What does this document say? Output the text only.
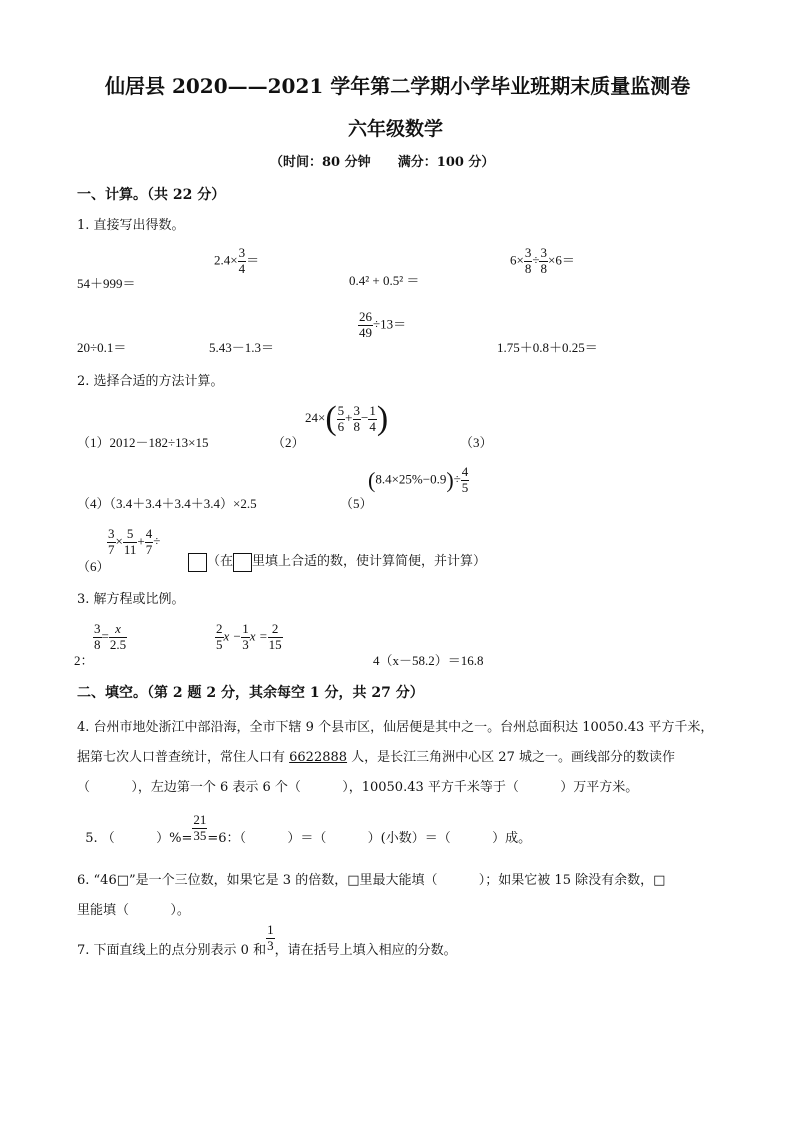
仙居县 2020——2021 学年第二学期小学毕业班期末质量监测卷
六年级数学
（时间：80 分钟      满分：100 分）
一、计算。（共 22 分）
1. 直接写出得数。
54＋999＝
$2.4\times \frac{3}{4}$ ＝
0.4² + 0.5² ＝
$6\times \frac{3}{8} \div \frac{3}{8} \times 6=$
20÷0.1＝	5.43－1.3＝
$\frac{26}{49} \div 13=$
1.75＋0.8＋0.25＝
2. 选择合适的方法计算。
（1）2012－182÷13×15	（2）
$24\times( \frac{5}{6} + \frac{3}{8} - \frac{1}{4}$ )
（3）
（4）（3.4＋3.4＋3.4＋3.4）×2.5	（5）
$(8.4\times 25\%-0.9)\div \frac{4}{5}$
（6）
$\frac{3}{7} \times \frac{5}{11} + \frac{4}{7}$ ÷
（在 里填上合适的数，使计算简便，并计算）
3. 解方程或比例。
2：
$\frac{3}{8} = \frac{x}{2.5}$	$\frac{2}{5}$ $x - \frac{1}{3}$ $x = \frac{2}{15}$
4（x－58.2）＝16.8
二、填空。（第 2 题 2 分，其余每空 1 分，共 27 分）
4. 台州市地处浙江中部沿海，全市下辖 9 个县市区，仙居便是其中之一。台州总面积达 10050.43 平方千米，
据第七次人口普查统计，常住人口有 6622888 人，是长江三角洲中心区 27 城之一。画线部分的数读作
（          ），左边第一个 6 表示 6 个（          ），10050.43 平方千米等于（          ）万平方米。

5. （          ）%= $\frac{21}{35} =6$：（          ）＝（          ）(小数）＝（          ）成。

6. “46□”是一个三位数，如果它是 3 的倍数，□里最大能填（          ）；如果它被 15 除没有余数，□
里能填（          ）。
7. 下面直线上的点分别表示 0 和 $\frac{1}{3}$ ，请在括号上填入相应的分数。
